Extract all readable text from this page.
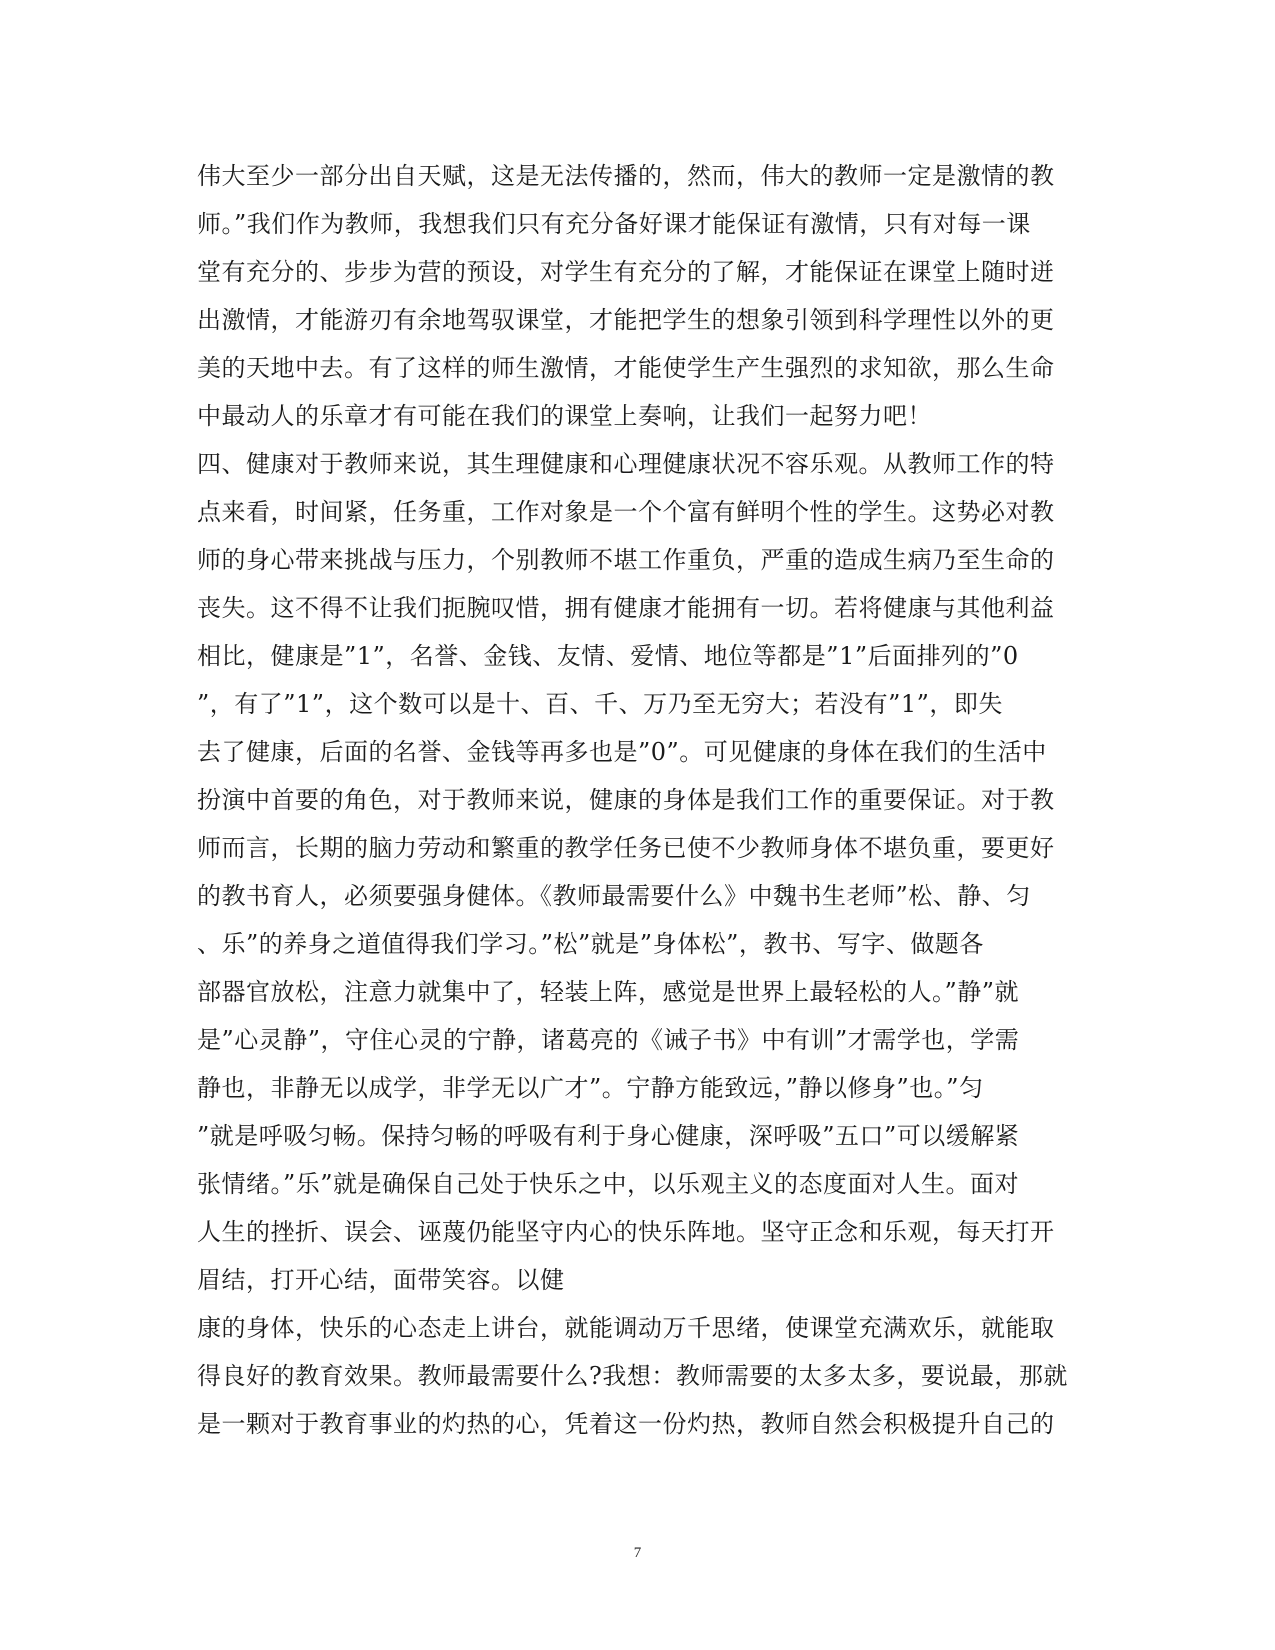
伟大至少一部分出自天赋，这是无法传播的，然而，伟大的教师一定是激情的教
师。”我们作为教师，我想我们只有充分备好课才能保证有激情，只有对每一课
堂有充分的、步步为营的预设，对学生有充分的了解，才能保证在课堂上随时迸
出激情，才能游刃有余地驾驭课堂，才能把学生的想象引领到科学理性以外的更
美的天地中去。有了这样的师生激情，才能使学生产生强烈的求知欲，那么生命
中最动人的乐章才有可能在我们的课堂上奏响，让我们一起努力吧！
四、健康对于教师来说，其生理健康和心理健康状况不容乐观。从教师工作的特
点来看，时间紧，任务重，工作对象是一个个富有鲜明个性的学生。这势必对教
师的身心带来挑战与压力，个别教师不堪工作重负，严重的造成生病乃至生命的
丧失。这不得不让我们扼腕叹惜，拥有健康才能拥有一切。若将健康与其他利益
相比，健康是”1”，名誉、金钱、友情、爱情、地位等都是”1”后面排列的”0
”，有了”1”，这个数可以是十、百、千、万乃至无穷大；若没有”1”，即失
去了健康，后面的名誉、金钱等再多也是”0”。可见健康的身体在我们的生活中
扮演中首要的角色，对于教师来说，健康的身体是我们工作的重要保证。对于教
师而言，长期的脑力劳动和繁重的教学任务已使不少教师身体不堪负重，要更好
的教书育人，必须要强身健体。《教师最需要什么》中魏书生老师”松、静、匀
、乐”的养身之道值得我们学习。”松”就是”身体松”，教书、写字、做题各
部器官放松，注意力就集中了，轻装上阵，感觉是世界上最轻松的人。”静”就
是”心灵静”，守住心灵的宁静，诸葛亮的《诫子书》中有训”才需学也，学需
静也，非静无以成学，非学无以广才”。宁静方能致远，”静以修身”也。”匀
”就是呼吸匀畅。保持匀畅的呼吸有利于身心健康，深呼吸”五口”可以缓解紧
张情绪。”乐”就是确保自己处于快乐之中，以乐观主义的态度面对人生。面对
人生的挫折、误会、诬蔑仍能坚守内心的快乐阵地。坚守正念和乐观，每天打开
眉结，打开心结，面带笑容。以健
康的身体，快乐的心态走上讲台，就能调动万千思绪，使课堂充满欢乐，就能取
得良好的教育效果。教师最需要什么?我想：教师需要的太多太多，要说最，那就
是一颗对于教育事业的灼热的心，凭着这一份灼热，教师自然会积极提升自己的
7
